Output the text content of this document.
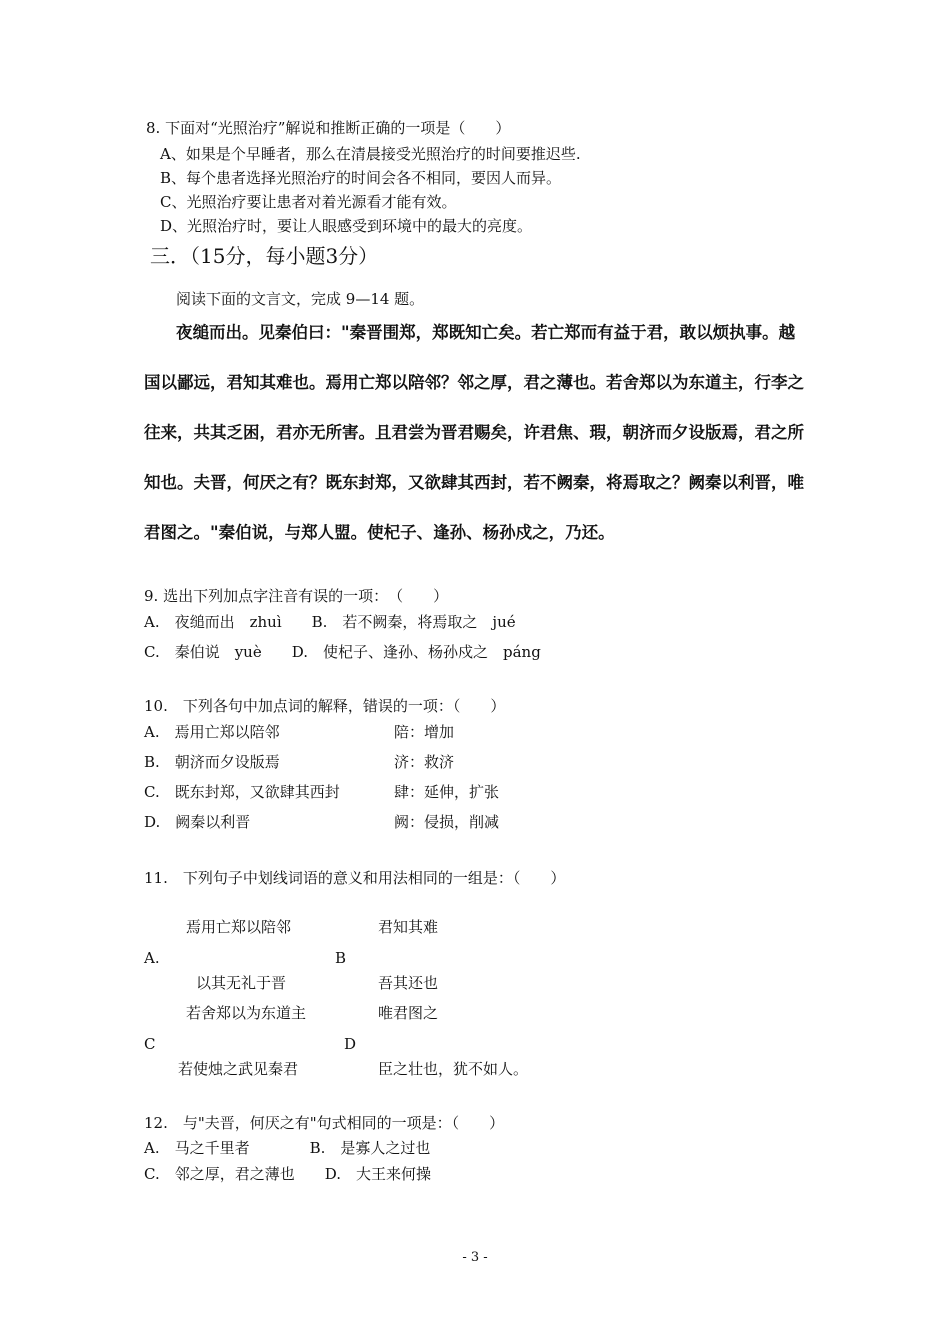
8. 下面对“光照治疗”解说和推断正确的一项是（　　）
A、如果是个早睡者，那么在清晨接受光照治疗的时间要推迟些.
B、每个患者选择光照治疗的时间会各不相同，要因人而异。
C、光照治疗要让患者对着光源看才能有效。
D、光照治疗时，要让人眼感受到环境中的最大的亮度。
三．（15分，每小题3分）
阅读下面的文言文，完成 9—14 题。
夜缒而出。见秦伯曰："秦晋围郑，郑既知亡矣。若亡郑而有益于君，敢以烦执事。越
国以鄙远，君知其难也。焉用亡郑以陪邻？邻之厚，君之薄也。若舍郑以为东道主，行李之
往来，共其乏困，君亦无所害。且君尝为晋君赐矣，许君焦、瑕，朝济而夕设版焉，君之所
知也。夫晋，何厌之有？既东封郑，又欲肆其西封，若不阙秦，将焉取之？阙秦以利晋，唯
君图之。"秦伯说，与郑人盟。使杞子、逢孙、杨孙戍之，乃还。
9. 选出下列加点字注音有误的一项：　（　　）
A.　夜缒而出　zhuì　　B.　若不阙秦，将焉取之　jué
C.　秦伯说　yuè　　D.　使杞子、逢孙、杨孙戍之　páng
10.　下列各句中加点词的解释，错误的一项：（　　）
A.　焉用亡郑以陪邻	陪：增加
B.　朝济而夕设版焉	济：救济
C.　既东封郑，又欲肆其西封	肆：延伸，扩张
D.　阙秦以利晋	阙：侵损，削减
11.　下列句子中划线词语的意义和用法相同的一组是：（　　）
焉用亡郑以陪邻	君知其难
A.	B
以其无礼于晋	吾其还也
若舍郑以为东道主	唯君图之
C	D
若使烛之武见秦君	臣之壮也，犹不如人。
12.　与"夫晋，何厌之有"句式相同的一项是：（　　）
A.　马之千里者　　　　B.　是寡人之过也
C.　邻之厚，君之薄也　　D.　大王来何操
- 3 -
